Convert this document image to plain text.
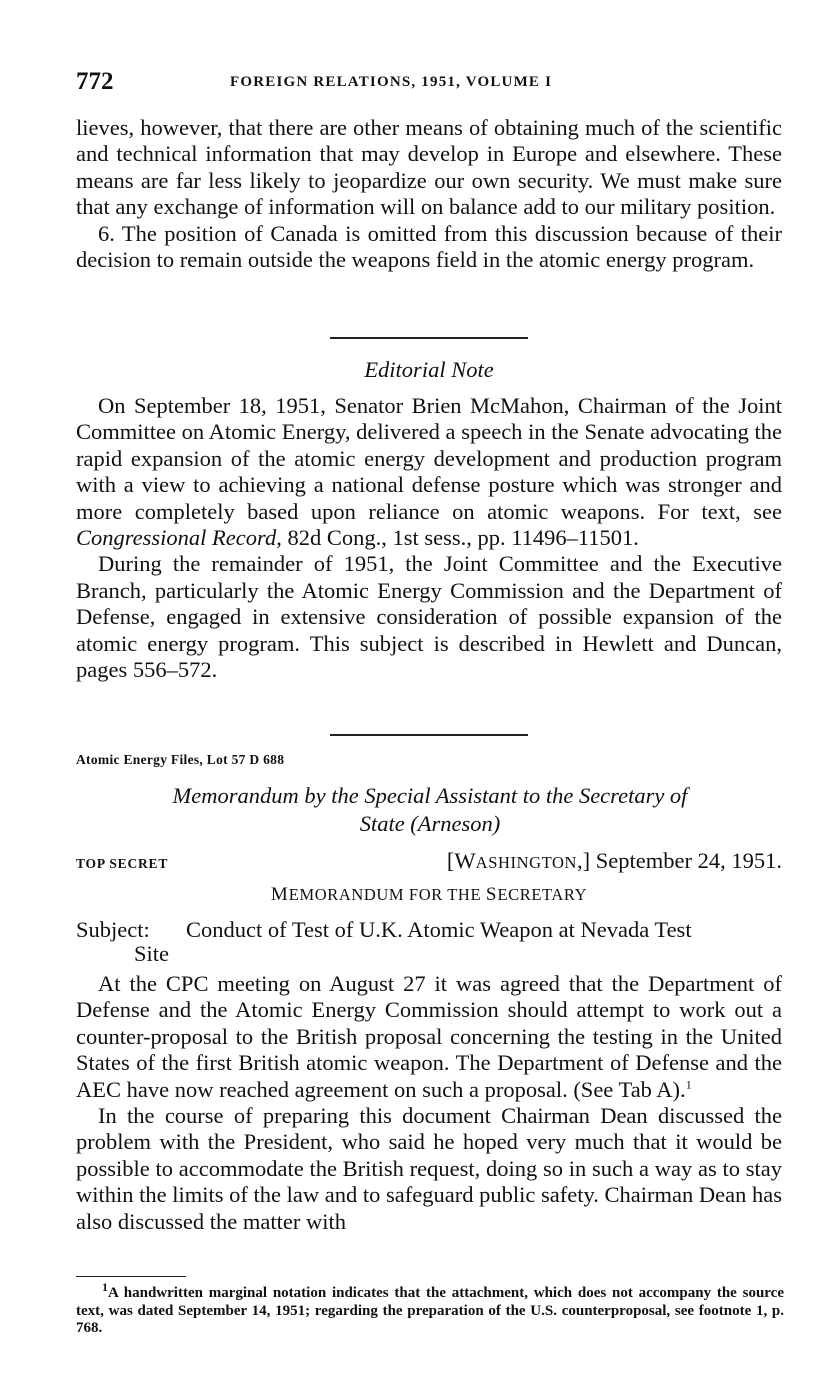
772	FOREIGN RELATIONS, 1951, VOLUME I

lieves, however, that there are other means of obtaining much of the scientific and technical information that may develop in Europe and elsewhere. These means are far less likely to jeopardize our own security. We must make sure that any exchange of information will on balance add to our military position.

6. The position of Canada is omitted from this discussion because of their decision to remain outside the weapons field in the atomic energy program.

Editorial Note

On September 18, 1951, Senator Brien McMahon, Chairman of the Joint Committee on Atomic Energy, delivered a speech in the Senate advocating the rapid expansion of the atomic energy development and production program with a view to achieving a national defense posture which was stronger and more completely based upon reliance on atomic weapons. For text, see Congressional Record, 82d Cong., 1st sess., pp. 11496–11501.

During the remainder of 1951, the Joint Committee and the Executive Branch, particularly the Atomic Energy Commission and the Department of Defense, engaged in extensive consideration of possible expansion of the atomic energy program. This subject is described in Hewlett and Duncan, pages 556–572.

Atomic Energy Files, Lot 57 D 688
Memorandum by the Special Assistant to the Secretary of
State (Arneson)
TOP SECRET	[WASHINGTON,] September 24, 1951.
MEMORANDUM FOR THE SECRETARY
Subject: Conduct of Test of U.K. Atomic Weapon at Nevada Test
Site

At the CPC meeting on August 27 it was agreed that the Department of Defense and the Atomic Energy Commission should attempt to work out a counter-proposal to the British proposal concerning the testing in the United States of the first British atomic weapon. The Department of Defense and the AEC have now reached agreement on such a proposal. (See Tab A).$^1$

In the course of preparing this document Chairman Dean discussed the problem with the President, who said he hoped very much that it would be possible to accommodate the British request, doing so in such a way as to stay within the limits of the law and to safeguard public safety. Chairman Dean has also discussed the matter with

$^1$A handwritten marginal notation indicates that the attachment, which does not accompany the source text, was dated September 14, 1951; regarding the preparation of the U.S. counterproposal, see footnote 1, p. 768.
